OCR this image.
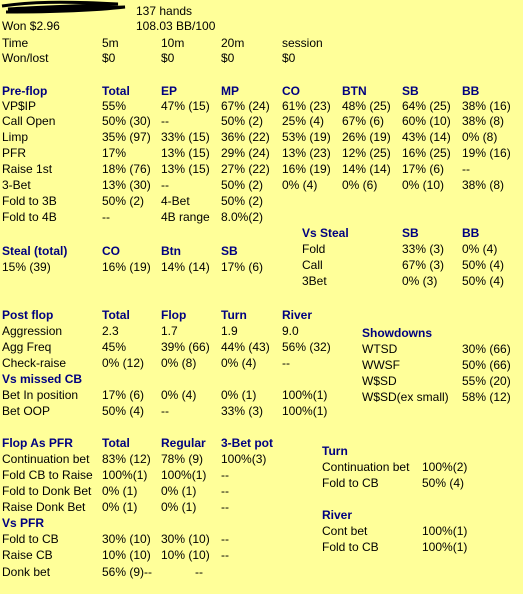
137 hands
Won $2.96	108.03 BB/100
Time	5m	10m	20m	session
Won/lost	$0	$0	$0	$0
Pre-flop	Total	EP	MP	CO	BTN	SB	BB
VP$IP	55%	47% (15) 67% (24) 61% (23) 48% (25) 64% (25) 38% (16)
Call Open	50% (30) --	50% (2) 25% (4) 67% (6) 60% (10) 38% (8)
Limp	35% (97) 33% (15) 36% (22) 53% (19) 26% (19) 43% (14) 0% (8)
PFR	17%	13% (15) 29% (24) 13% (23) 12% (25) 16% (25) 19% (16)
Raise 1st	18% (76) 13% (15) 27% (22) 16% (19) 14% (14) 17% (6) --
3-Bet	13% (30) --	50% (2) 0% (4) 0% (6) 0% (10) 38% (8)
Fold to 3B	50% (2) 4-Bet	50% (2)
Fold to 4B	--	4B range 8.0%(2)
Vs Steal	SB	BB
Fold	33% (3) 0% (4)
Call	67% (3) 50% (4)
3Bet	0% (3) 50% (4)
Steal (total)	CO	Btn	SB
15% (39)	16% (19) 14% (14) 17% (6)
Post flop	Total	Flop	Turn	River
Aggression	2.3	1.7	1.9	9.0
Agg Freq	45%	39% (66) 44% (43) 56% (32)
Check-raise	0% (12) 0% (8) 0% (4) --
Vs missed CB
Bet In position 17% (6) 0% (4) 0% (1) 100%(1)
Bet OOP	50% (4) --	33% (3) 100%(1)
Showdowns
WTSD	30% (66)
WWSF	50% (66)
W$SD	55% (20)
W$SD(ex small) 58% (12)
Flop As PFR Total	Regular 3-Bet pot
Continuation bet 83% (12) 78% (9) 100%(3)
Fold CB to Raise 100%(1) 100%(1) --
Fold to Donk Bet 0% (1) 0% (1) --
Raise Donk Bet 0% (1) 0% (1) --
Vs PFR
Fold to CB	30% (10) 30% (10) --
Raise CB	10% (10) 10% (10) --
Donk bet	56% (9)--	--
Turn
Continuation bet 100%(2)
Fold to CB	50% (4)
River
Cont bet	100%(1)
Fold to CB	100%(1)
